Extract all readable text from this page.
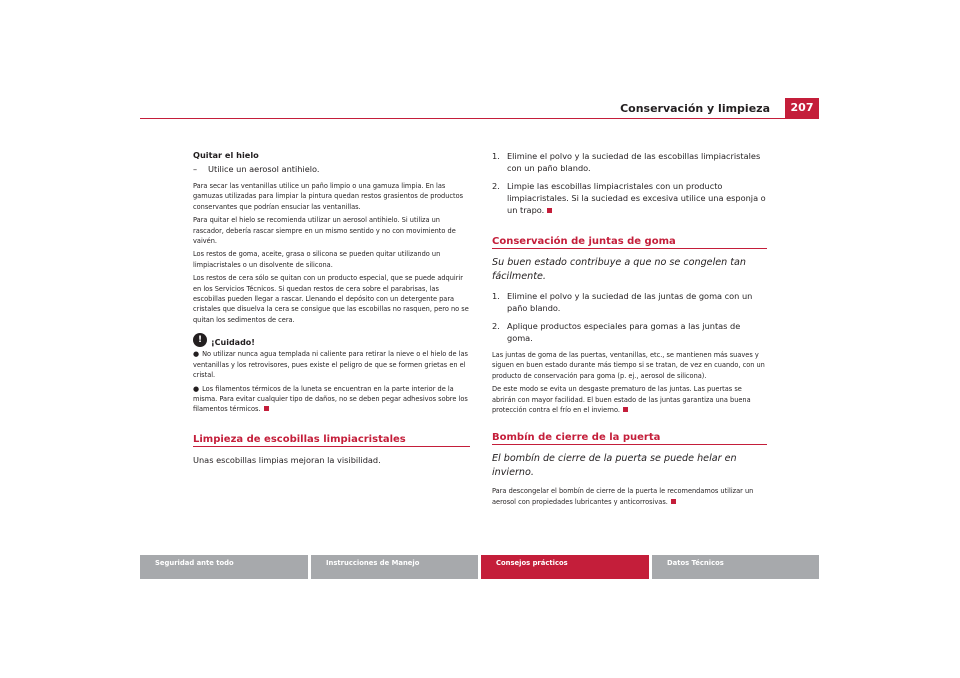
Conservación y limpieza	207
Quitar el hielo
–	Utilice un aerosol antihielo.

Para secar las ventanillas utilice un paño limpio o una gamuza limpia. En las gamuzas utilizadas para limpiar la pintura quedan restos grasientos de productos conservantes que podrían ensuciar las ventanillas.

Para quitar el hielo se recomienda utilizar un aerosol antihielo. Si utiliza un rascador, debería rascar siempre en un mismo sentido y no con movimiento de vaivén.

Los restos de goma, aceite, grasa o silicona se pueden quitar utilizando un limpiacristales o un disolvente de silicona.

Los restos de cera sólo se quitan con un producto especial, que se puede adquirir en los Servicios Técnicos. Si quedan restos de cera sobre el parabrisas, las escobillas pueden llegar a rascar. Llenando el depósito con un detergente para cristales que disuelva la cera se consigue que las escobillas no rasquen, pero no se quitan los sedimentos de cera.

!	¡Cuidado!

● No utilizar nunca agua templada ni caliente para retirar la nieve o el hielo de las ventanillas y los retrovisores, pues existe el peligro de que se formen grietas en el cristal.

● Los filamentos térmicos de la luneta se encuentran en la parte interior de la misma. Para evitar cualquier tipo de daños, no se deben pegar adhesivos sobre los filamentos térmicos.

Limpieza de escobillas limpiacristales
Unas escobillas limpias mejoran la visibilidad.
1. Elimine el polvo y la suciedad de las escobillas limpiacristales con un paño blando.
2. Limpie las escobillas limpiacristales con un producto limpiacristales. Si la suciedad es excesiva utilice una esponja o un trapo.
Conservación de juntas de goma
Su buen estado contribuye a que no se congelen tan fácilmente.
1. Elimine el polvo y la suciedad de las juntas de goma con un paño blando.
2. Aplique productos especiales para gomas a las juntas de goma.

Las juntas de goma de las puertas, ventanillas, etc., se mantienen más suaves y siguen en buen estado durante más tiempo si se tratan, de vez en cuando, con un producto de conservación para goma (p. ej., aerosol de silicona).

De este modo se evita un desgaste prematuro de las juntas. Las puertas se abrirán con mayor facilidad. El buen estado de las juntas garantiza una buena protección contra el frío en el invierno.

Bombín de cierre de la puerta
El bombín de cierre de la puerta se puede helar en invierno.

Para descongelar el bombín de cierre de la puerta le recomendamos utilizar un aerosol con propiedades lubricantes y anticorrosivas.

Seguridad ante todo	Instrucciones de Manejo	Consejos prácticos	Datos Técnicos
